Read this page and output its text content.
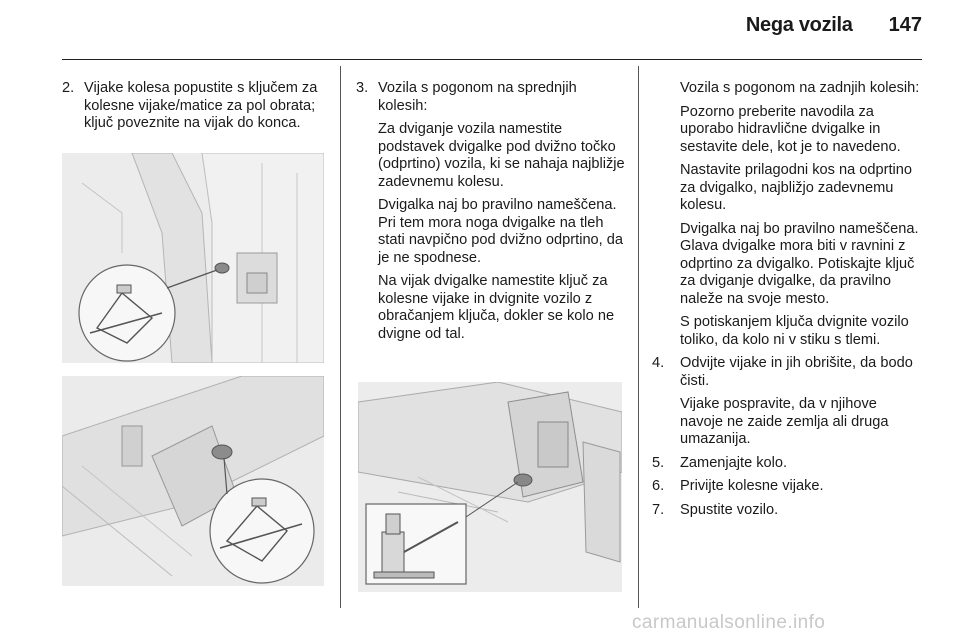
Nega vozila 147
2. Vijake kolesa popustite s ključem za kolesne vijake/matice za pol obrata; ključ poveznite na vijak do konca.
3. Vozila s pogonom na sprednjih kolesih:
Za dviganje vozila namestite podstavek dvigalke pod dvižno točko (odprtino) vozila, ki se nahaja najbližje zadevnemu kolesu.
Dvigalka naj bo pravilno nameščena. Pri tem mora noga dvigalke na tleh stati navpično pod dvižno odprtino, da je ne spodnese.
Na vijak dvigalke namestite ključ za kolesne vijake in dvignite vozilo z obračanjem ključa, dokler se kolo ne dvigne od tal.
Vozila s pogonom na zadnjih kolesih:
Pozorno preberite navodila za uporabo hidravlične dvigalke in sestavite dele, kot je to navedeno.
Nastavite prilagodni kos na odprtino za dvigalko, najbližjo zadevnemu kolesu.
Dvigalka naj bo pravilno nameščena. Glava dvigalke mora biti v ravnini z odprtino za dvigalko. Potiskajte ključ za dviganje dvigalke, da pravilno naleže na svoje mesto.
S potiskanjem ključa dvignite vozilo toliko, da kolo ni v stiku s tlemi.
4.	Odvijte vijake in jih obrišite, da bodo čisti.
Vijake pospravite, da v njihove navoje ne zaide zemlja ali druga umazanija.
5.	Zamenjajte kolo.
6.	Privijte kolesne vijake.
7.	Spustite vozilo.
carmanualsonline.info
